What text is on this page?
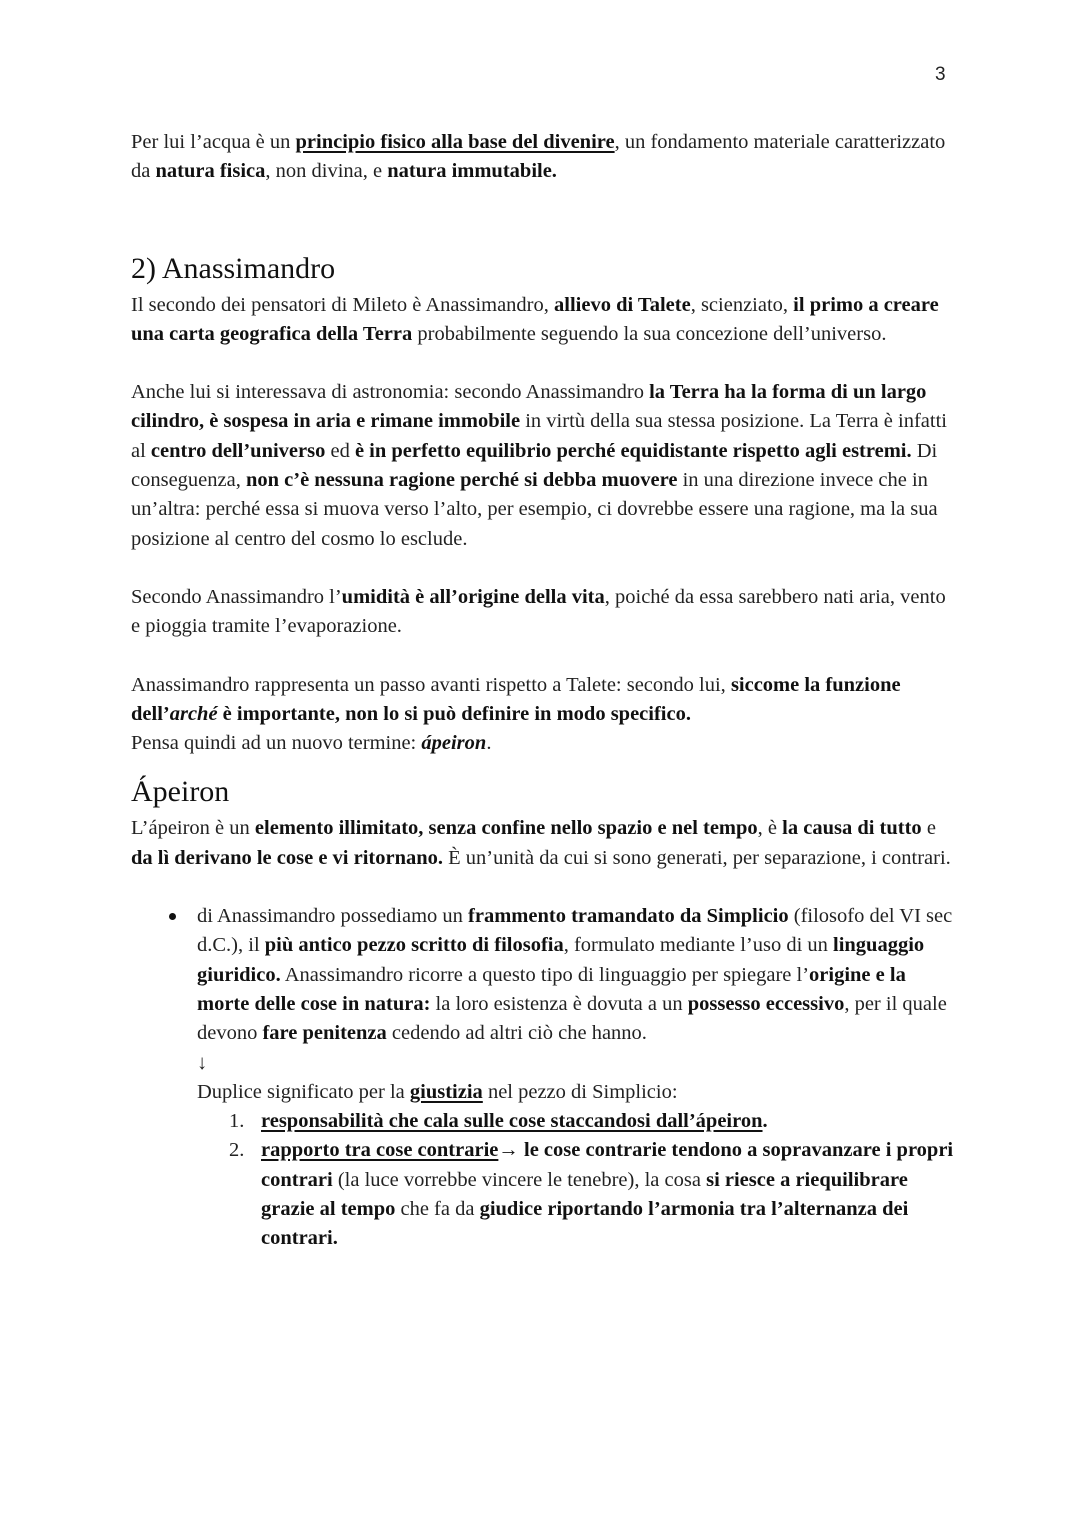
3

Per lui l’acqua è un principio fisico alla base del divenire, un fondamento materiale caratterizzato da natura fisica, non divina, e natura immutabile.

2) Anassimandro

Il secondo dei pensatori di Mileto è Anassimandro, allievo di Talete, scienziato, il primo a creare una carta geografica della Terra probabilmente seguendo la sua concezione dell’universo.

Anche lui si interessava di astronomia: secondo Anassimandro la Terra ha la forma di un largo cilindro, è sospesa in aria e rimane immobile in virtù della sua stessa posizione. La Terra è infatti al centro dell’universo ed è in perfetto equilibrio perché equidistante rispetto agli estremi. Di conseguenza, non c’è nessuna ragione perché si debba muovere in una direzione invece che in un’altra: perché essa si muova verso l’alto, per esempio, ci dovrebbe essere una ragione, ma la sua posizione al centro del cosmo lo esclude.

Secondo Anassimandro l’umidità è all’origine della vita, poiché da essa sarebbero nati aria, vento e pioggia tramite l’evaporazione.

Anassimandro rappresenta un passo avanti rispetto a Talete: secondo lui, siccome la funzione dell’arché è importante, non lo si può definire in modo specifico.

Pensa quindi ad un nuovo termine: ápeiron.

Ápeiron

L’ápeiron è un elemento illimitato, senza confine nello spazio e nel tempo, è la causa di tutto e da lì derivano le cose e vi ritornano. È un’unità da cui si sono generati, per separazione, i contrari.

di Anassimandro possediamo un frammento tramandato da Simplicio (filosofo del VI sec d.C.), il più antico pezzo scritto di filosofia, formulato mediante l’uso di un linguaggio giuridico. Anassimandro ricorre a questo tipo di linguaggio per spiegare l’origine e la morte delle cose in natura: la loro esistenza è dovuta a un possesso eccessivo, per il quale devono fare penitenza cedendo ad altri ciò che hanno.
↓
Duplice significato per la giustizia nel pezzo di Simplicio:
1. responsabilità che cala sulle cose staccandosi dall’ápeiron.
2. rapporto tra cose contrarie→ le cose contrarie tendono a sopravanzare i propri contrari (la luce vorrebbe vincere le tenebre), la cosa si riesce a riequilibrare grazie al tempo che fa da giudice riportando l’armonia tra l’alternanza dei contrari.
